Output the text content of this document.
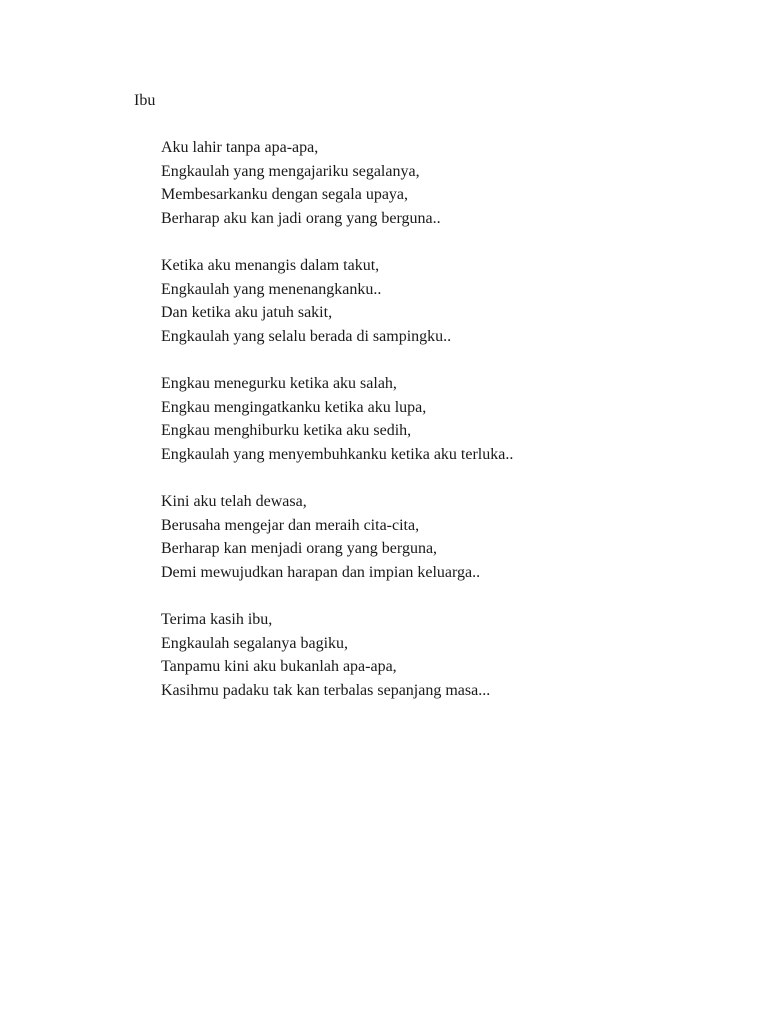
Ibu
Aku lahir tanpa apa-apa,
Engkaulah yang mengajariku segalanya,
Membesarkanku dengan segala upaya,
Berharap aku kan jadi orang yang berguna..
Ketika aku menangis dalam takut,
Engkaulah yang menenangkanku..
Dan ketika aku jatuh sakit,
Engkaulah yang selalu berada di sampingku..
Engkau menegurku ketika aku salah,
Engkau mengingatkanku ketika aku lupa,
Engkau menghiburku ketika aku sedih,
Engkaulah yang menyembuhkanku ketika aku terluka..
Kini aku telah dewasa,
Berusaha mengejar dan meraih cita-cita,
Berharap kan menjadi orang yang berguna,
Demi mewujudkan harapan dan impian keluarga..
Terima kasih ibu,
Engkaulah segalanya bagiku,
Tanpamu kini aku bukanlah apa-apa,
Kasihmu padaku tak kan terbalas sepanjang masa...
